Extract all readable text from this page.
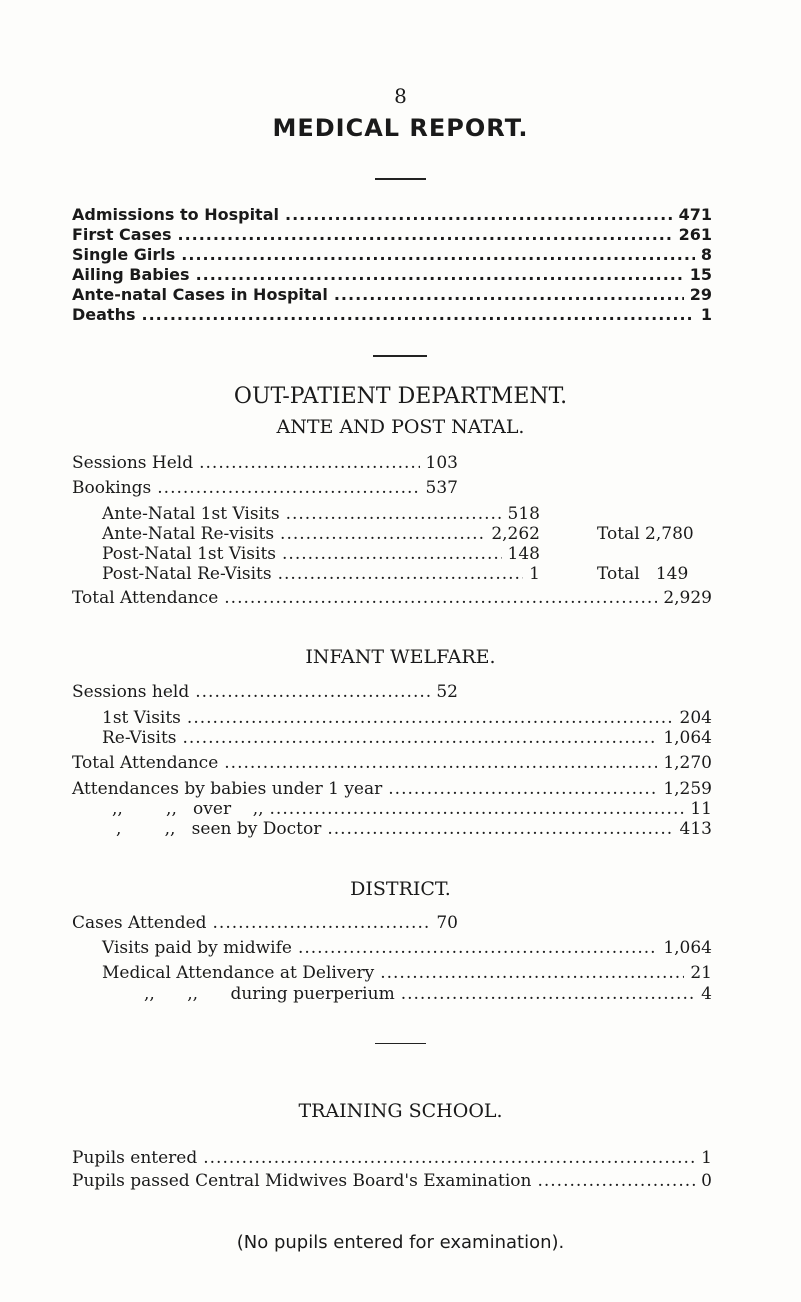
8
MEDICAL REPORT.
Admissions to Hospital .....	471
First Cases .....	261
Single Girls .....	8
Ailing Babies .....	15
Ante-natal Cases in Hospital .....	29
Deaths .....	1
OUT-PATIENT DEPARTMENT.
ANTE AND POST NATAL.
Sessions Held .....	103
Bookings .....	537
Ante-Natal 1st Visits .....	518
Ante-Natal Re-visits .....	2,262	Total 2,780
Post-Natal 1st Visits .....	148
Post-Natal Re-Visits .....	1	Total   149
Total Attendance .....	2,929
INFANT WELFARE.
Sessions held .....	52
1st Visits .....	204
Re-Visits .....	1,064
Total Attendance .....	1,270
Attendances by babies under 1 year .....	1,259
,,        ,,   over    ,, .....	11
,        ,,   seen by Doctor .....	413
DISTRICT.
Cases Attended .....	70
Visits paid by midwife .....	1,064
Medical Attendance at Delivery .....	21
,,      ,,      during puerperium .....	4
TRAINING SCHOOL.
Pupils entered .....	1
Pupils passed Central Midwives Board's Examination .....	0
(No pupils entered for examination).
